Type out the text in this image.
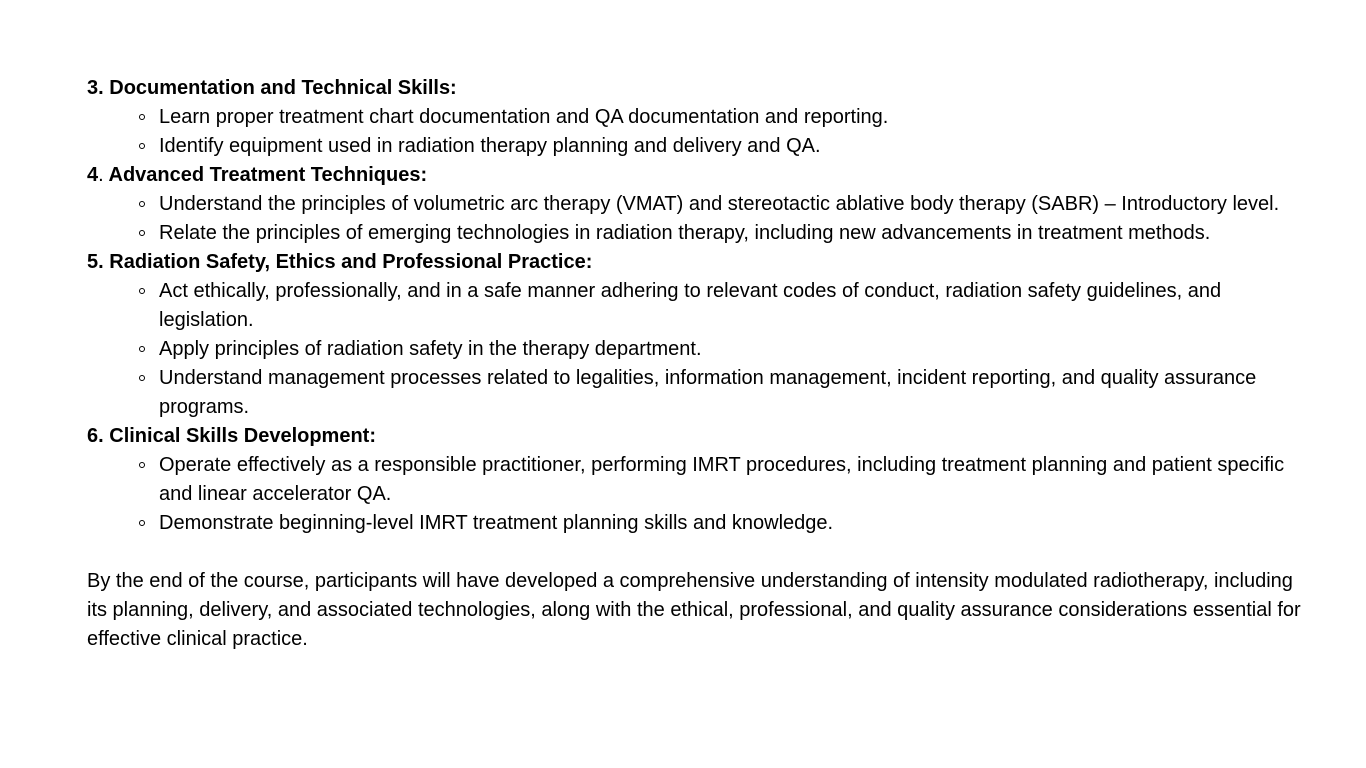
3. Documentation and Technical Skills:

Learn proper treatment chart documentation and QA documentation and reporting.
Identify equipment used in radiation therapy planning and delivery and QA.

4. Advanced Treatment Techniques:

Understand the principles of volumetric arc therapy (VMAT) and stereotactic ablative body therapy (SABR) – Introductory level.
Relate the principles of emerging technologies in radiation therapy, including new advancements in treatment methods.

5. Radiation Safety, Ethics and Professional Practice:

Act ethically, professionally, and in a safe manner adhering to relevant codes of conduct, radiation safety guidelines, and legislation.
Apply principles of radiation safety in the therapy department.
Understand management processes related to legalities, information management, incident reporting, and quality assurance programs.

6. Clinical Skills Development:

Operate effectively as a responsible practitioner, performing IMRT procedures, including treatment planning and patient specific and linear accelerator QA.
Demonstrate beginning-level IMRT treatment planning skills and knowledge.

By the end of the course, participants will have developed a comprehensive understanding of intensity modulated radiotherapy, including its planning, delivery, and associated technologies, along with the ethical, professional, and quality assurance considerations essential for effective clinical practice.
